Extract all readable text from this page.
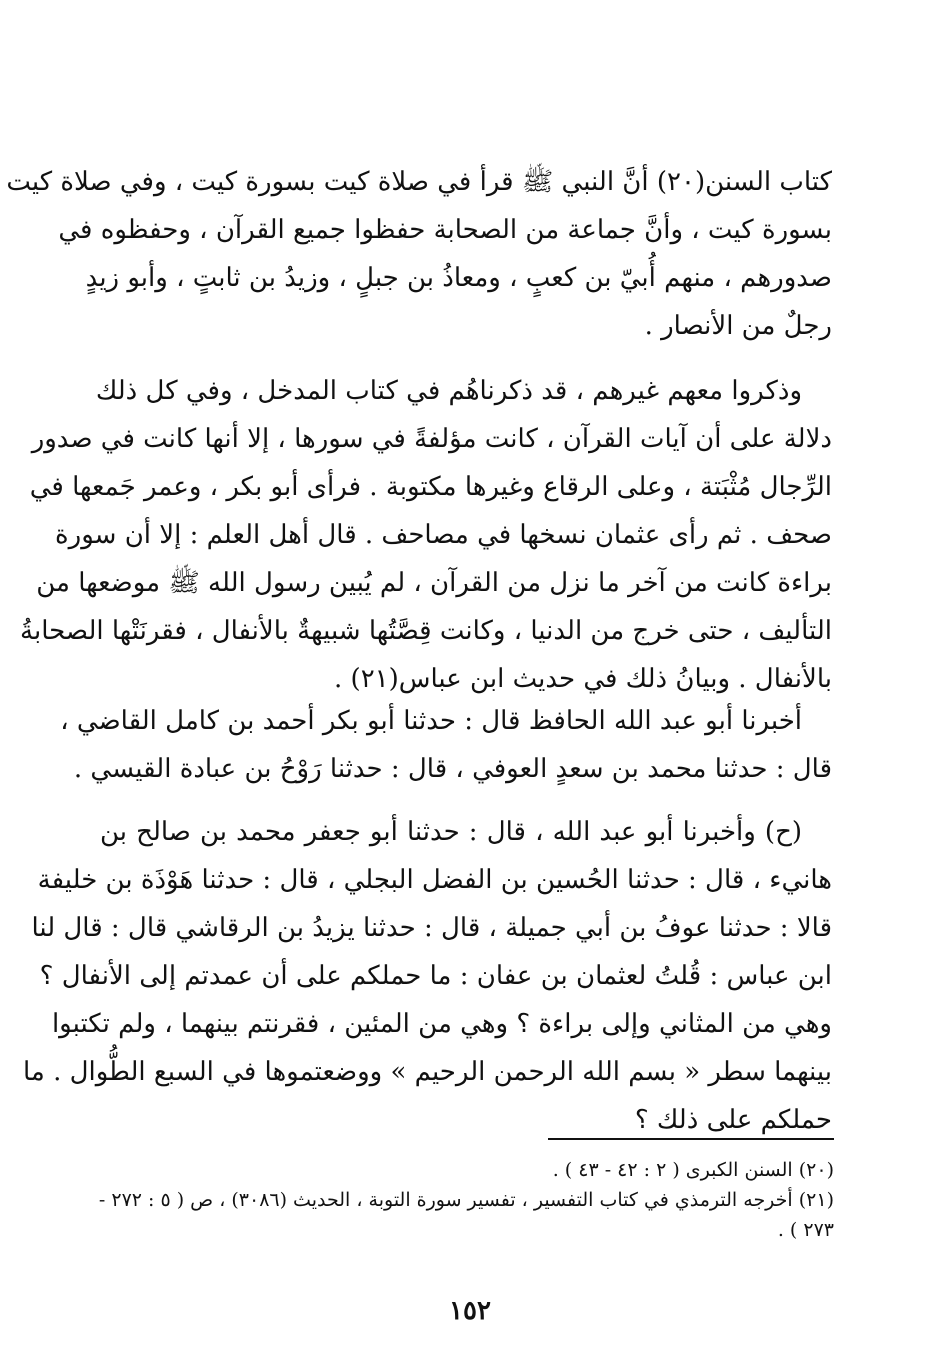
كتاب السنن(٢٠) أنَّ النبي ﷺ قرأ في صلاة كيت بسورة كيت ، وفي صلاة كيت
بسورة كيت ، وأنَّ جماعة من الصحابة حفظوا جميع القرآن ، وحفظوه في
صدورهم ، منهم أُبيّ بن كعبٍ ، ومعاذُ بن جبلٍ ، وزيدُ بن ثابتٍ ، وأبو زيدٍ
رجلٌ من الأنصار .
وذكروا معهم غيرهم ، قد ذكرناهُم في كتاب المدخل ، وفي كل ذلك
دلالة على أن آيات القرآن ، كانت مؤلفةً في سورها ، إلا أنها كانت في صدور
الرِّجال مُثْبَتة ، وعلى الرقاع وغيرها مكتوبة . فرأى أبو بكر ، وعمر جَمعها في
صحف . ثم رأى عثمان نسخها في مصاحف . قال أهل العلم : إلا أن سورة
براءة كانت من آخر ما نزل من القرآن ، لم يُبين رسول الله ﷺ موضعها من
التأليف ، حتى خرج من الدنيا ، وكانت قِصَّتُها شبيهةٌ بالأنفال ، فقرنَتْها الصحابةُ
بالأنفال . وبيانُ ذلك في حديث ابن عباس(٢١) .
أخبرنا أبو عبد الله الحافظ قال : حدثنا أبو بكر أحمد بن كامل القاضي ،
قال : حدثنا محمد بن سعدٍ العوفي ، قال : حدثنا رَوْحُ بن عبادة القيسي .
(ح) وأخبرنا أبو عبد الله ، قال : حدثنا أبو جعفر محمد بن صالح بن
هانيء ، قال : حدثنا الحُسين بن الفضل البجلي ، قال : حدثنا هَوْذَة بن خليفة
قالا : حدثنا عوفُ بن أبي جميلة ، قال : حدثنا يزيدُ بن الرقاشي قال : قال لنا
ابن عباس : قُلتُ لعثمان بن عفان : ما حملكم على أن عمدتم إلى الأنفال ؟
وهي من المثاني وإلى براءة ؟ وهي من المئين ، فقرنتم بينهما ، ولم تكتبوا
بينهما سطر « بسم الله الرحمن الرحيم » ووضعتموها في السبع الطُّوال . ما
حملكم على ذلك ؟
(٢٠) السنن الكبرى ( ٢ : ٤٢ - ٤٣ ) .
(٢١) أخرجه الترمذي في كتاب التفسير ، تفسير سورة التوبة ، الحديث (٣٠٨٦) ، ص ( ٥ : ٢٧٢ -
٢٧٣ ) .
١٥٢
